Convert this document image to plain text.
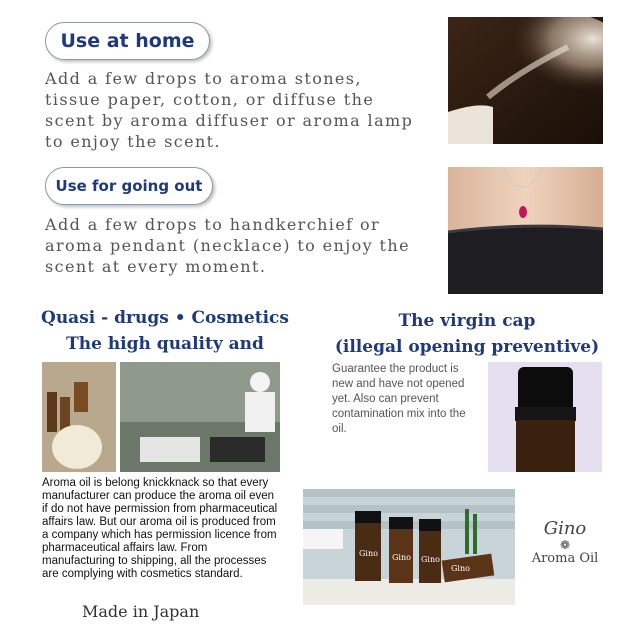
Use at home
Add a few drops to aroma stones, tissue paper, cotton, or diffuse the scent by aroma diffuser or aroma lamp to enjoy the scent.
Use for going out
Add a few drops to handkerchief or aroma pendant (necklace) to enjoy the scent at every moment.
Quasi - drugs • Cosmetics
The high quality and
Aroma oil is belong knickknack so that every manufacturer can produce the aroma oil even if do not have permission from pharmaceutical affairs law. But our aroma oil is produced from a company which has permission licence from pharmaceutical affairs law. From manufacturing to shipping, all the processes are complying with cosmetics standard.
Made in Japan
The virgin cap
(illegal opening preventive)
Guarantee the product is new and have not opened yet. Also can prevent contamination mix into the oil.
Gino Gino Gino
Gino
Gino
❁
Aroma Oil
